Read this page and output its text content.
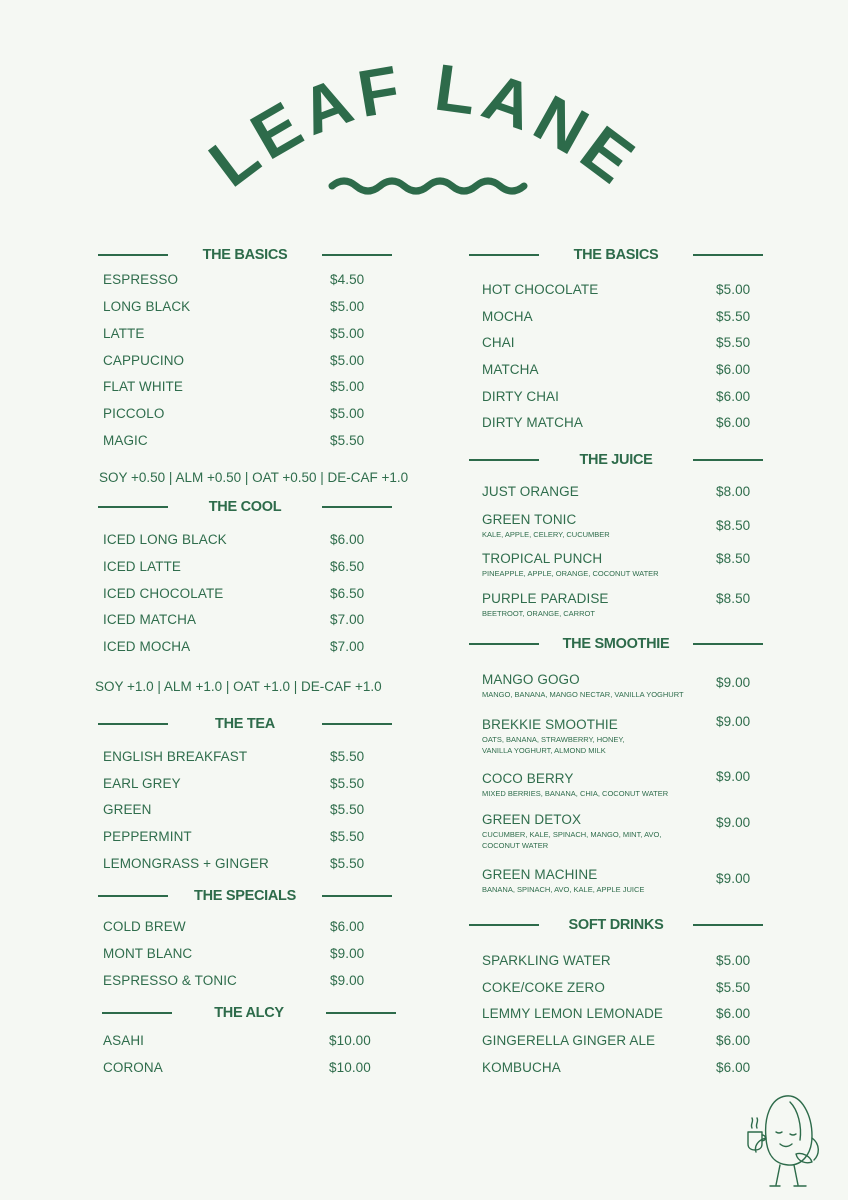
LEAF LANE
THE BASICS
ESPRESSO	$4.50
LONG BLACK	$5.00
LATTE	$5.00
CAPPUCINO	$5.00
FLAT WHITE	$5.00
PICCOLO	$5.00
MAGIC	$5.50
SOY +0.50 | ALM +0.50 | OAT +0.50 | DE-CAF +1.0
THE COOL
ICED LONG BLACK	$6.00
ICED LATTE	$6.50
ICED CHOCOLATE	$6.50
ICED MATCHA	$7.00
ICED MOCHA	$7.00
SOY +1.0 | ALM +1.0 | OAT +1.0 | DE-CAF +1.0
THE TEA
ENGLISH BREAKFAST	$5.50
EARL GREY	$5.50
GREEN	$5.50
PEPPERMINT	$5.50
LEMONGRASS + GINGER	$5.50
THE SPECIALS
COLD BREW	$6.00
MONT BLANC	$9.00
ESPRESSO & TONIC	$9.00
THE ALCY
ASAHI	$10.00
CORONA	$10.00
THE BASICS
HOT CHOCOLATE	$5.00
MOCHA	$5.50
CHAI	$5.50
MATCHA	$6.00
DIRTY CHAI	$6.00
DIRTY MATCHA	$6.00
THE JUICE
JUST ORANGE	$8.00
GREEN TONIC	$8.50
KALE, APPLE, CELERY, CUCUMBER
TROPICAL PUNCH	$8.50
PINEAPPLE, APPLE, ORANGE, COCONUT WATER
PURPLE PARADISE	$8.50
BEETROOT, ORANGE, CARROT
THE SMOOTHIE
MANGO GOGO	$9.00
MANGO, BANANA, MANGO NECTAR, VANILLA YOGHURT
BREKKIE SMOOTHIE	$9.00
OATS, BANANA, STRAWBERRY, HONEY,
VANILLA YOGHURT, ALMOND MILK
COCO BERRY	$9.00
MIXED BERRIES, BANANA, CHIA, COCONUT WATER
GREEN DETOX	$9.00
CUCUMBER, KALE, SPINACH, MANGO, MINT, AVO,
COCONUT WATER
GREEN MACHINE	$9.00
BANANA, SPINACH, AVO, KALE, APPLE JUICE
SOFT DRINKS
SPARKLING WATER	$5.00
COKE/COKE ZERO	$5.50
LEMMY LEMON LEMONADE	$6.00
GINGERELLA GINGER ALE	$6.00
KOMBUCHA	$6.00
